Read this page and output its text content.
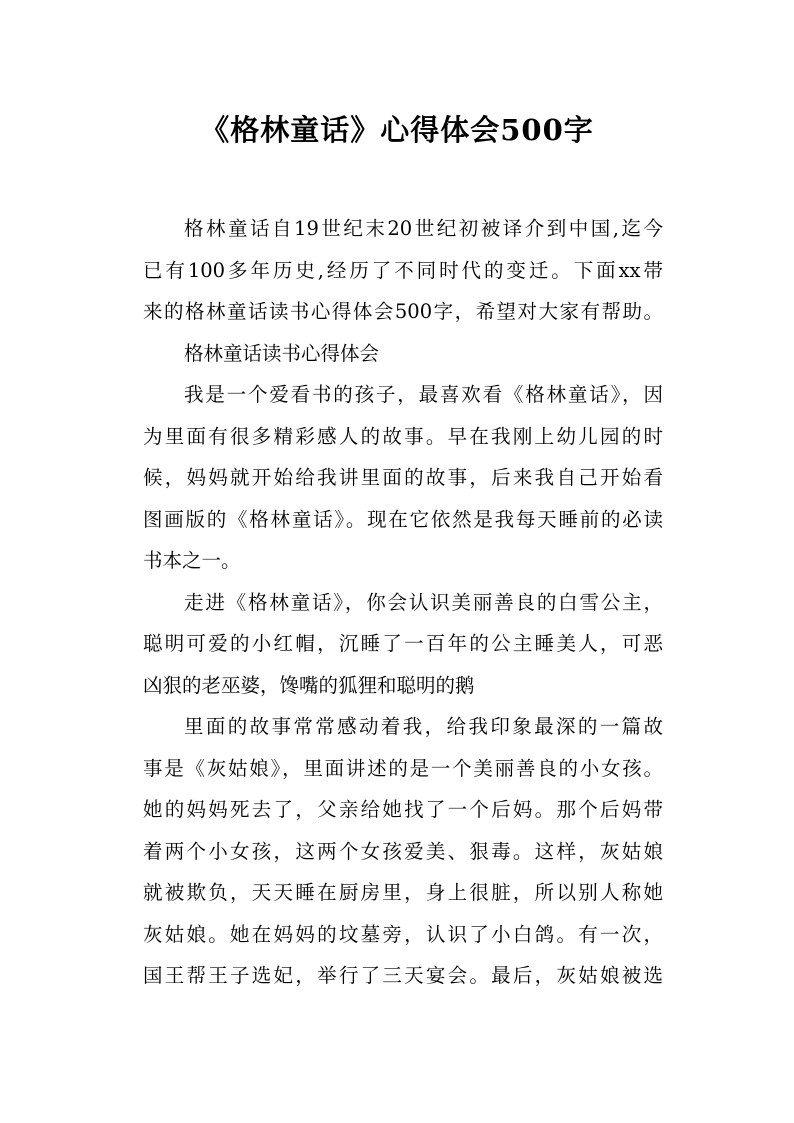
《格林童话》心得体会500字
格林童话自19世纪末20世纪初被译介到中国,迄今
已有100多年历史,经历了不同时代的变迁。下面xx帯
来的格林童话读书心得体会500字，希望对大家有帮助。
格林童话读书心得体会
我是一个爱看书的孩子，最喜欢看《格林童话》，因
为里面有很多精彩感人的故事。早在我刚上幼儿园的时
候，妈妈就开始给我讲里面的故事，后来我自己开始看
图画版的《格林童话》。现在它依然是我每天睡前的必读
书本之一。
走进《格林童话》，你会认识美丽善良的白雪公主，
聪明可爱的小红帽，沉睡了一百年的公主睡美人，可恶
凶狠的老巫婆，馋嘴的狐狸和聪明的鹅
里面的故事常常感动着我，给我印象最深的一篇故
事是《灰姑娘》，里面讲述的是一个美丽善良的小女孩。
她的妈妈死去了，父亲给她找了一个后妈。那个后妈带
着两个小女孩，这两个女孩爱美、狠毒。这样，灰姑娘
就被欺负，天天睡在厨房里，身上很脏，所以别人称她
灰姑娘。她在妈妈的坟墓旁，认识了小白鸽。有一次，
国王帮王子选妃，举行了三天宴会。最后，灰姑娘被选
